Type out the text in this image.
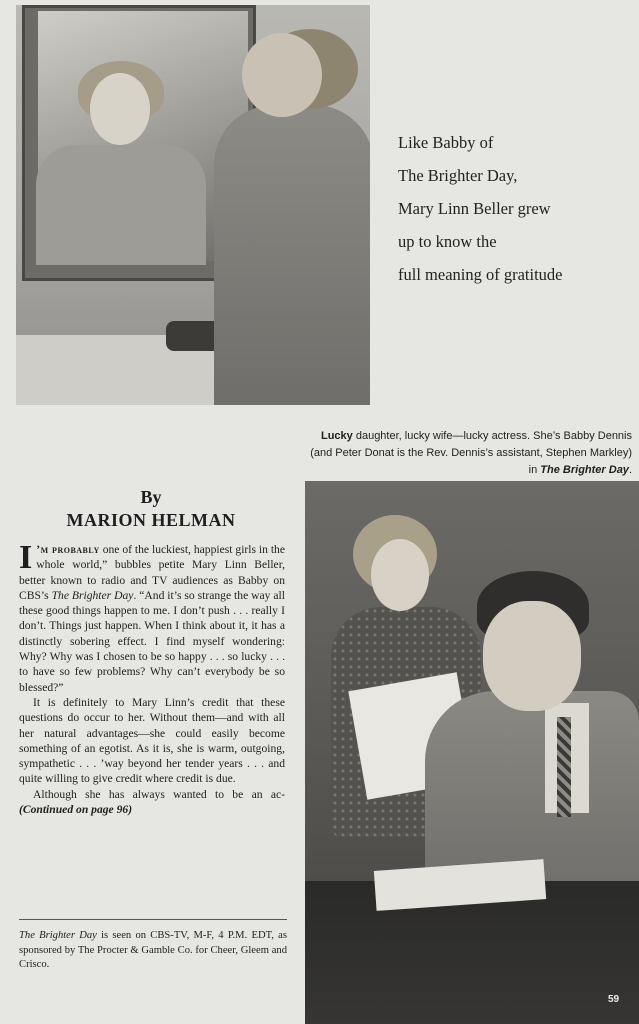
Like Babby of
The Brighter Day,
Mary Linn Beller grew
up to know the
full meaning of gratitude
Lucky daughter, lucky wife—lucky actress. She’s Babby Dennis (and Peter Donat is the Rev. Dennis’s assistant, Stephen Markley) in The Brighter Day.
By
MARION HELMAN

I ’m probably one of the luckiest, happiest girls in the whole world,” bubbles petite Mary Linn Beller, better known to radio and TV audiences as Babby on CBS’s The Brighter Day. “And it’s so strange the way all these good things happen to me. I don’t push . . . really I don’t. Things just happen. When I think about it, it has a distinctly sobering effect. I find myself wondering: Why? Why was I chosen to be so happy . . . so lucky . . . to have so few problems? Why can’t everybody be so blessed?”

It is definitely to Mary Linn’s credit that these questions do occur to her. Without them—and with all her natural advantages—she could easily become something of an egotist. As it is, she is warm, outgoing, sympathetic . . . ’way beyond her tender years . . . and quite willing to give credit where credit is due.

Although she has always wanted to be an ac- (Continued on page 96)

The Brighter Day is seen on CBS-TV, M-F, 4 P.M. EDT, as sponsored by The Procter & Gamble Co. for Cheer, Gleem and Crisco.
59
